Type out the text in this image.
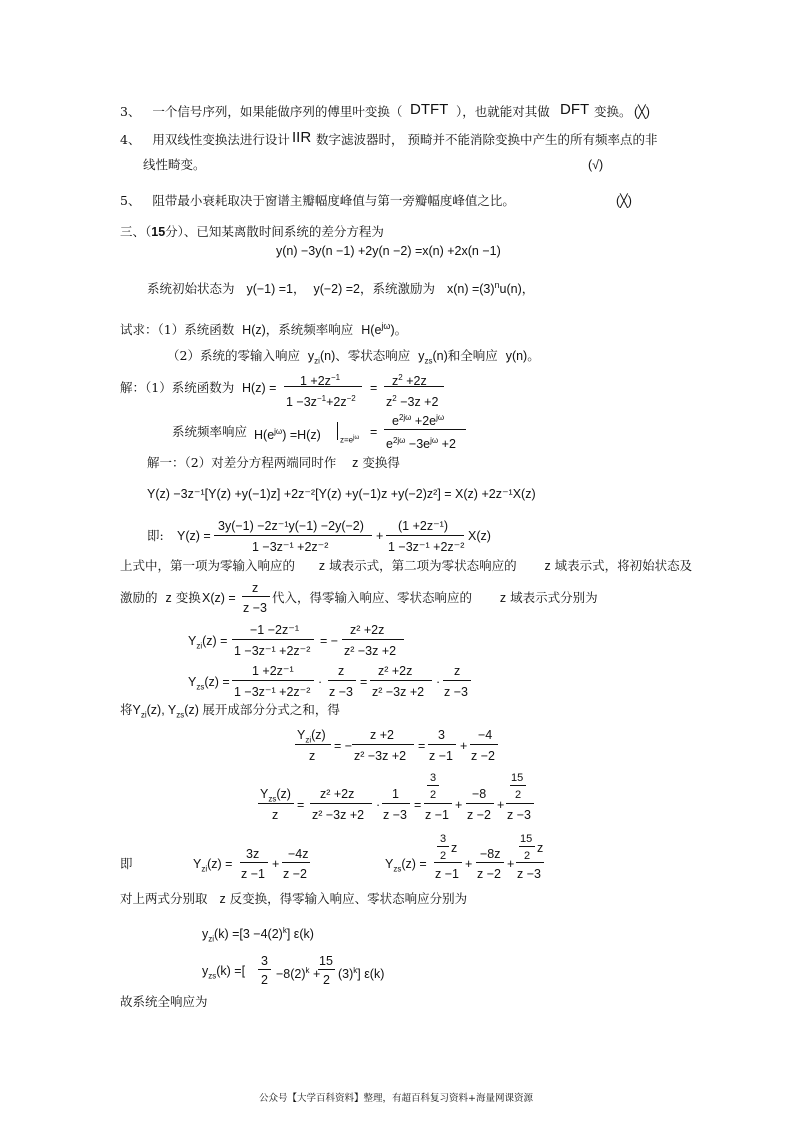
3、 一个信号序列，如果能做序列的傅里叶变换（ DTFT ），也就能对其做 DFT 变换。 (╳)
4、 用双线性变换法进行设计 IIR 数字滤波器时， 预畸并不能消除变换中产生的所有频率点的非
线性畸变。	(√)
5、 阻带最小衰耗取决于窗谱主瓣幅度峰值与第一旁瓣幅度峰值之比。	(╳)
三、（15分）、已知某离散时间系统的差分方程为
y(n) −3y(n −1) +2y(n −2) =x(n) +2x(n −1)
系统初始状态为 y(−1) =1， y(−2) =2，系统激励为 $x(n) =(3)^nu(n)$，
试求：（1）系统函数 H(z)，系统频率响应 $H(e^{j\omega})$。
（2）系统的零输入响应 $y_{zi}(n)$、零状态响应 $y_{zs}(n)$和全响应 y(n)。
解：（1）系统函数为 $H(z) = 1 +2z^{-1}$
$1 -3z^{-1}+2z^{-2}$
= $z^2 +2z$
$z^2 -3z +2$
系统频率响应 $H(e^{j\omega}) =H(z) z=e^{j\omega}$ =
$e^{2j\omega} +2e^{j\omega}$
$e^{2j\omega} -3e^{j\omega} +2$
解一：（2）对差分方程两端同时作 z 变换得
Y(z) −3z⁻¹[Y(z) +y(−1)z] +2z⁻²[Y(z) +y(−1)z +y(−2)z²] = X(z) +2z⁻¹X(z)
即: Y(z) =
3y(−1) −2z⁻¹y(−1) −2y(−2)
1 −3z⁻¹ +2z⁻²
+
(1 +2z⁻¹)
1 −3z⁻¹ +2z⁻²
X(z)
上式中，第一项为零输入响应的 z 域表示式，第二项为零状态响应的 z 域表示式，将初始状态及
激励的 z 变换 X(z) =
z
z −3
代入，得零输入响应、零状态响应的 z 域表示式分别为
$Y_{zi}(z)$ =
−1 −2z⁻¹
1 −3z⁻¹ +2z⁻²
= −
z² +2z
z² −3z +2
$Y_{zs}(z)$ =
1 +2z⁻¹
1 −3z⁻¹ +2z⁻²
·
z
z −3
=
z² +2z
z² −3z +2
·
z
z −3
将$Y_{zi}(z)$, $Y_{zs}(z)$ 展开成部分分式之和，得
$Y_{zi}(z)$
z
= −
z +2
z² −3z +2
=
3
z −1
+
−4
z −2
$Y_{zs}(z)$
z
=
z² +2z
z² −3z +2
·
1
z −3
=
3
2
z −1
+
−8
z −2
+
15
2
z −3
即	$Y_{zi}(z)$ =
3z
z −1
+
−4z
z −2
$Y_{zs}(z)$ =
3
2
z
z −1
+
−8z
z −2
+
15
2
z
z −3
对上两式分别取 z 反变换，得零输入响应、零状态响应分别为
$y_{zi}(k) =[3 -4(2)^k]$ ε(k)
$y_{zs}(k)$ =[
3
$2 -8(2)^k$ +
15
2 $(3)^k$] ε(k)
故系统全响应为
公众号【大学百科资料】整理，有超百科复习资料+海量网课资源
